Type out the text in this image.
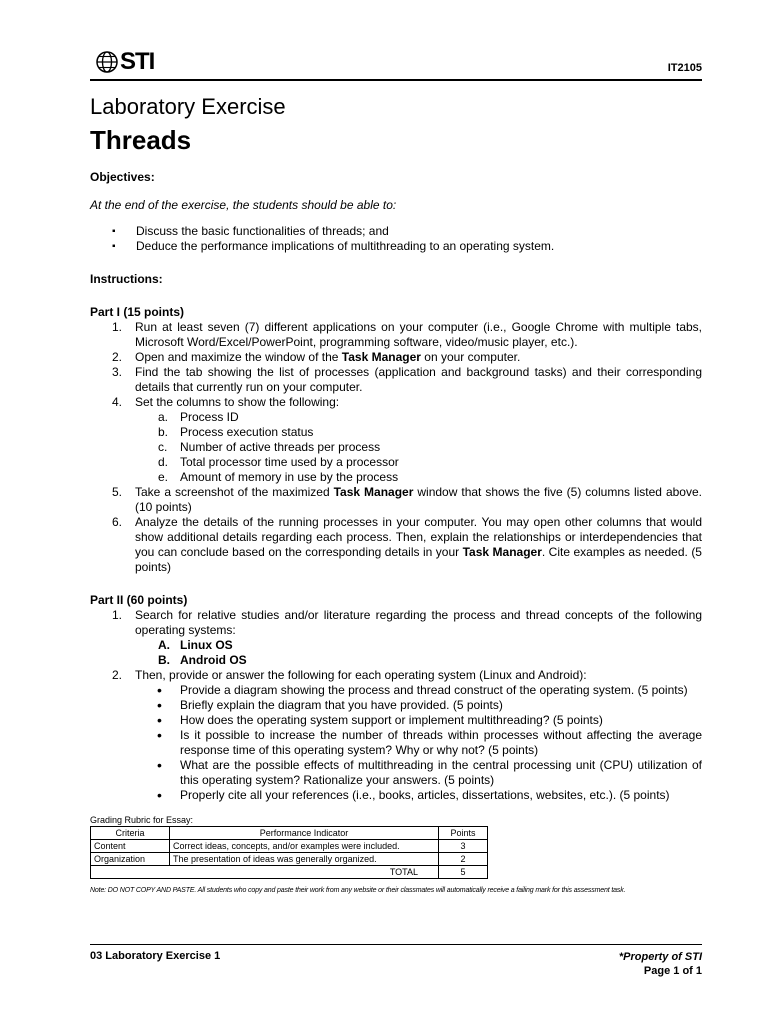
STI	IT2105
Laboratory Exercise
Threads

Objectives:

At the end of the exercise, the students should be able to:

▪ Discuss the basic functionalities of threads; and
▪ Deduce the performance implications of multithreading to an operating system.

Instructions:

Part I (15 points)

1. Run at least seven (7) different applications on your computer (i.e., Google Chrome with multiple tabs, Microsoft Word/Excel/PowerPoint, programming software, video/music player, etc.).
2. Open and maximize the window of the Task Manager on your computer.
3. Find the tab showing the list of processes (application and background tasks) and their corresponding details that currently run on your computer.
4. Set the columns to show the following:
a. Process ID
b. Process execution status
c. Number of active threads per process
d. Total processor time used by a processor
e. Amount of memory in use by the process
5. Take a screenshot of the maximized Task Manager window that shows the five (5) columns listed above. (10 points)
6. Analyze the details of the running processes in your computer. You may open other columns that would show additional details regarding each process. Then, explain the relationships or interdependencies that you can conclude based on the corresponding details in your Task Manager. Cite examples as needed. (5 points)

Part II (60 points)

1. Search for relative studies and/or literature regarding the process and thread concepts of the following operating systems:
A. Linux OS
B. Android OS
2. Then, provide or answer the following for each operating system (Linux and Android):
• Provide a diagram showing the process and thread construct of the operating system. (5 points)
• Briefly explain the diagram that you have provided. (5 points)
• How does the operating system support or implement multithreading? (5 points)
• Is it possible to increase the number of threads within processes without affecting the average response time of this operating system? Why or why not? (5 points)
• What are the possible effects of multithreading in the central processing unit (CPU) utilization of this operating system? Rationalize your answers. (5 points)
• Properly cite all your references (i.e., books, articles, dissertations, websites, etc.). (5 points)
Grading Rubric for Essay:
Criteria	Performance Indicator	Points
Content	Correct ideas, concepts, and/or examples were included.	3
Organization	The presentation of ideas was generally organized.	2
TOTAL		5
Note: DO NOT COPY AND PASTE. All students who copy and paste their work from any website or their classmates will automatically receive a failing mark for this assessment task.
03 Laboratory Exercise 1	*Property of STI
Page 1 of 1
